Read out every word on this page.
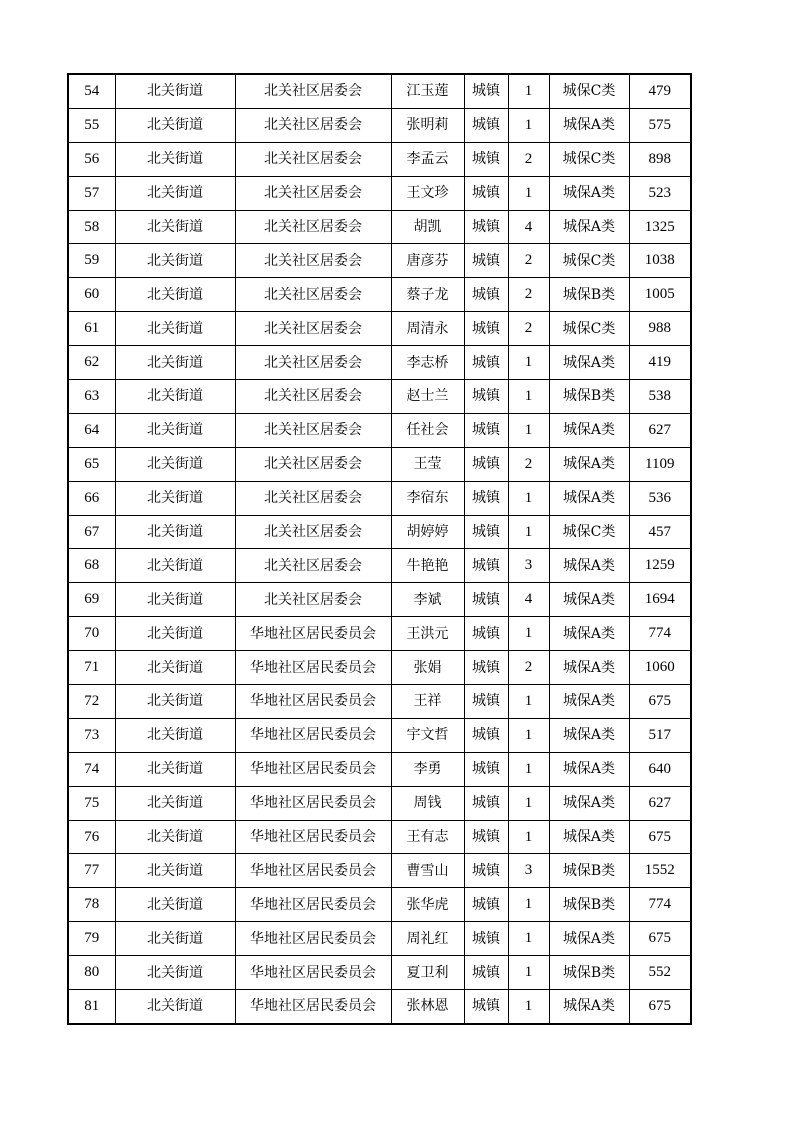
54	北关街道	北关社区居委会	江玉莲	城镇	1	城保C类	479
55	北关街道	北关社区居委会	张明莉	城镇	1	城保A类	575
56	北关街道	北关社区居委会	李孟云	城镇	2	城保C类	898
57	北关街道	北关社区居委会	王文珍	城镇	1	城保A类	523
58	北关街道	北关社区居委会	胡凯	城镇	4	城保A类	1325
59	北关街道	北关社区居委会	唐彦芬	城镇	2	城保C类	1038
60	北关街道	北关社区居委会	蔡子龙	城镇	2	城保B类	1005
61	北关街道	北关社区居委会	周清永	城镇	2	城保C类	988
62	北关街道	北关社区居委会	李志桥	城镇	1	城保A类	419
63	北关街道	北关社区居委会	赵士兰	城镇	1	城保B类	538
64	北关街道	北关社区居委会	任社会	城镇	1	城保A类	627
65	北关街道	北关社区居委会	王莹	城镇	2	城保A类	1109
66	北关街道	北关社区居委会	李宿东	城镇	1	城保A类	536
67	北关街道	北关社区居委会	胡婷婷	城镇	1	城保C类	457
68	北关街道	北关社区居委会	牛艳艳	城镇	3	城保A类	1259
69	北关街道	北关社区居委会	李斌	城镇	4	城保A类	1694
70	北关街道	华地社区居民委员会	王洪元	城镇	1	城保A类	774
71	北关街道	华地社区居民委员会	张娟	城镇	2	城保A类	1060
72	北关街道	华地社区居民委员会	王祥	城镇	1	城保A类	675
73	北关街道	华地社区居民委员会	宇文哲	城镇	1	城保A类	517
74	北关街道	华地社区居民委员会	李勇	城镇	1	城保A类	640
75	北关街道	华地社区居民委员会	周钱	城镇	1	城保A类	627
76	北关街道	华地社区居民委员会	王有志	城镇	1	城保A类	675
77	北关街道	华地社区居民委员会	曹雪山	城镇	3	城保B类	1552
78	北关街道	华地社区居民委员会	张华虎	城镇	1	城保B类	774
79	北关街道	华地社区居民委员会	周礼红	城镇	1	城保A类	675
80	北关街道	华地社区居民委员会	夏卫利	城镇	1	城保B类	552
81	北关街道	华地社区居民委员会	张林恩	城镇	1	城保A类	675
